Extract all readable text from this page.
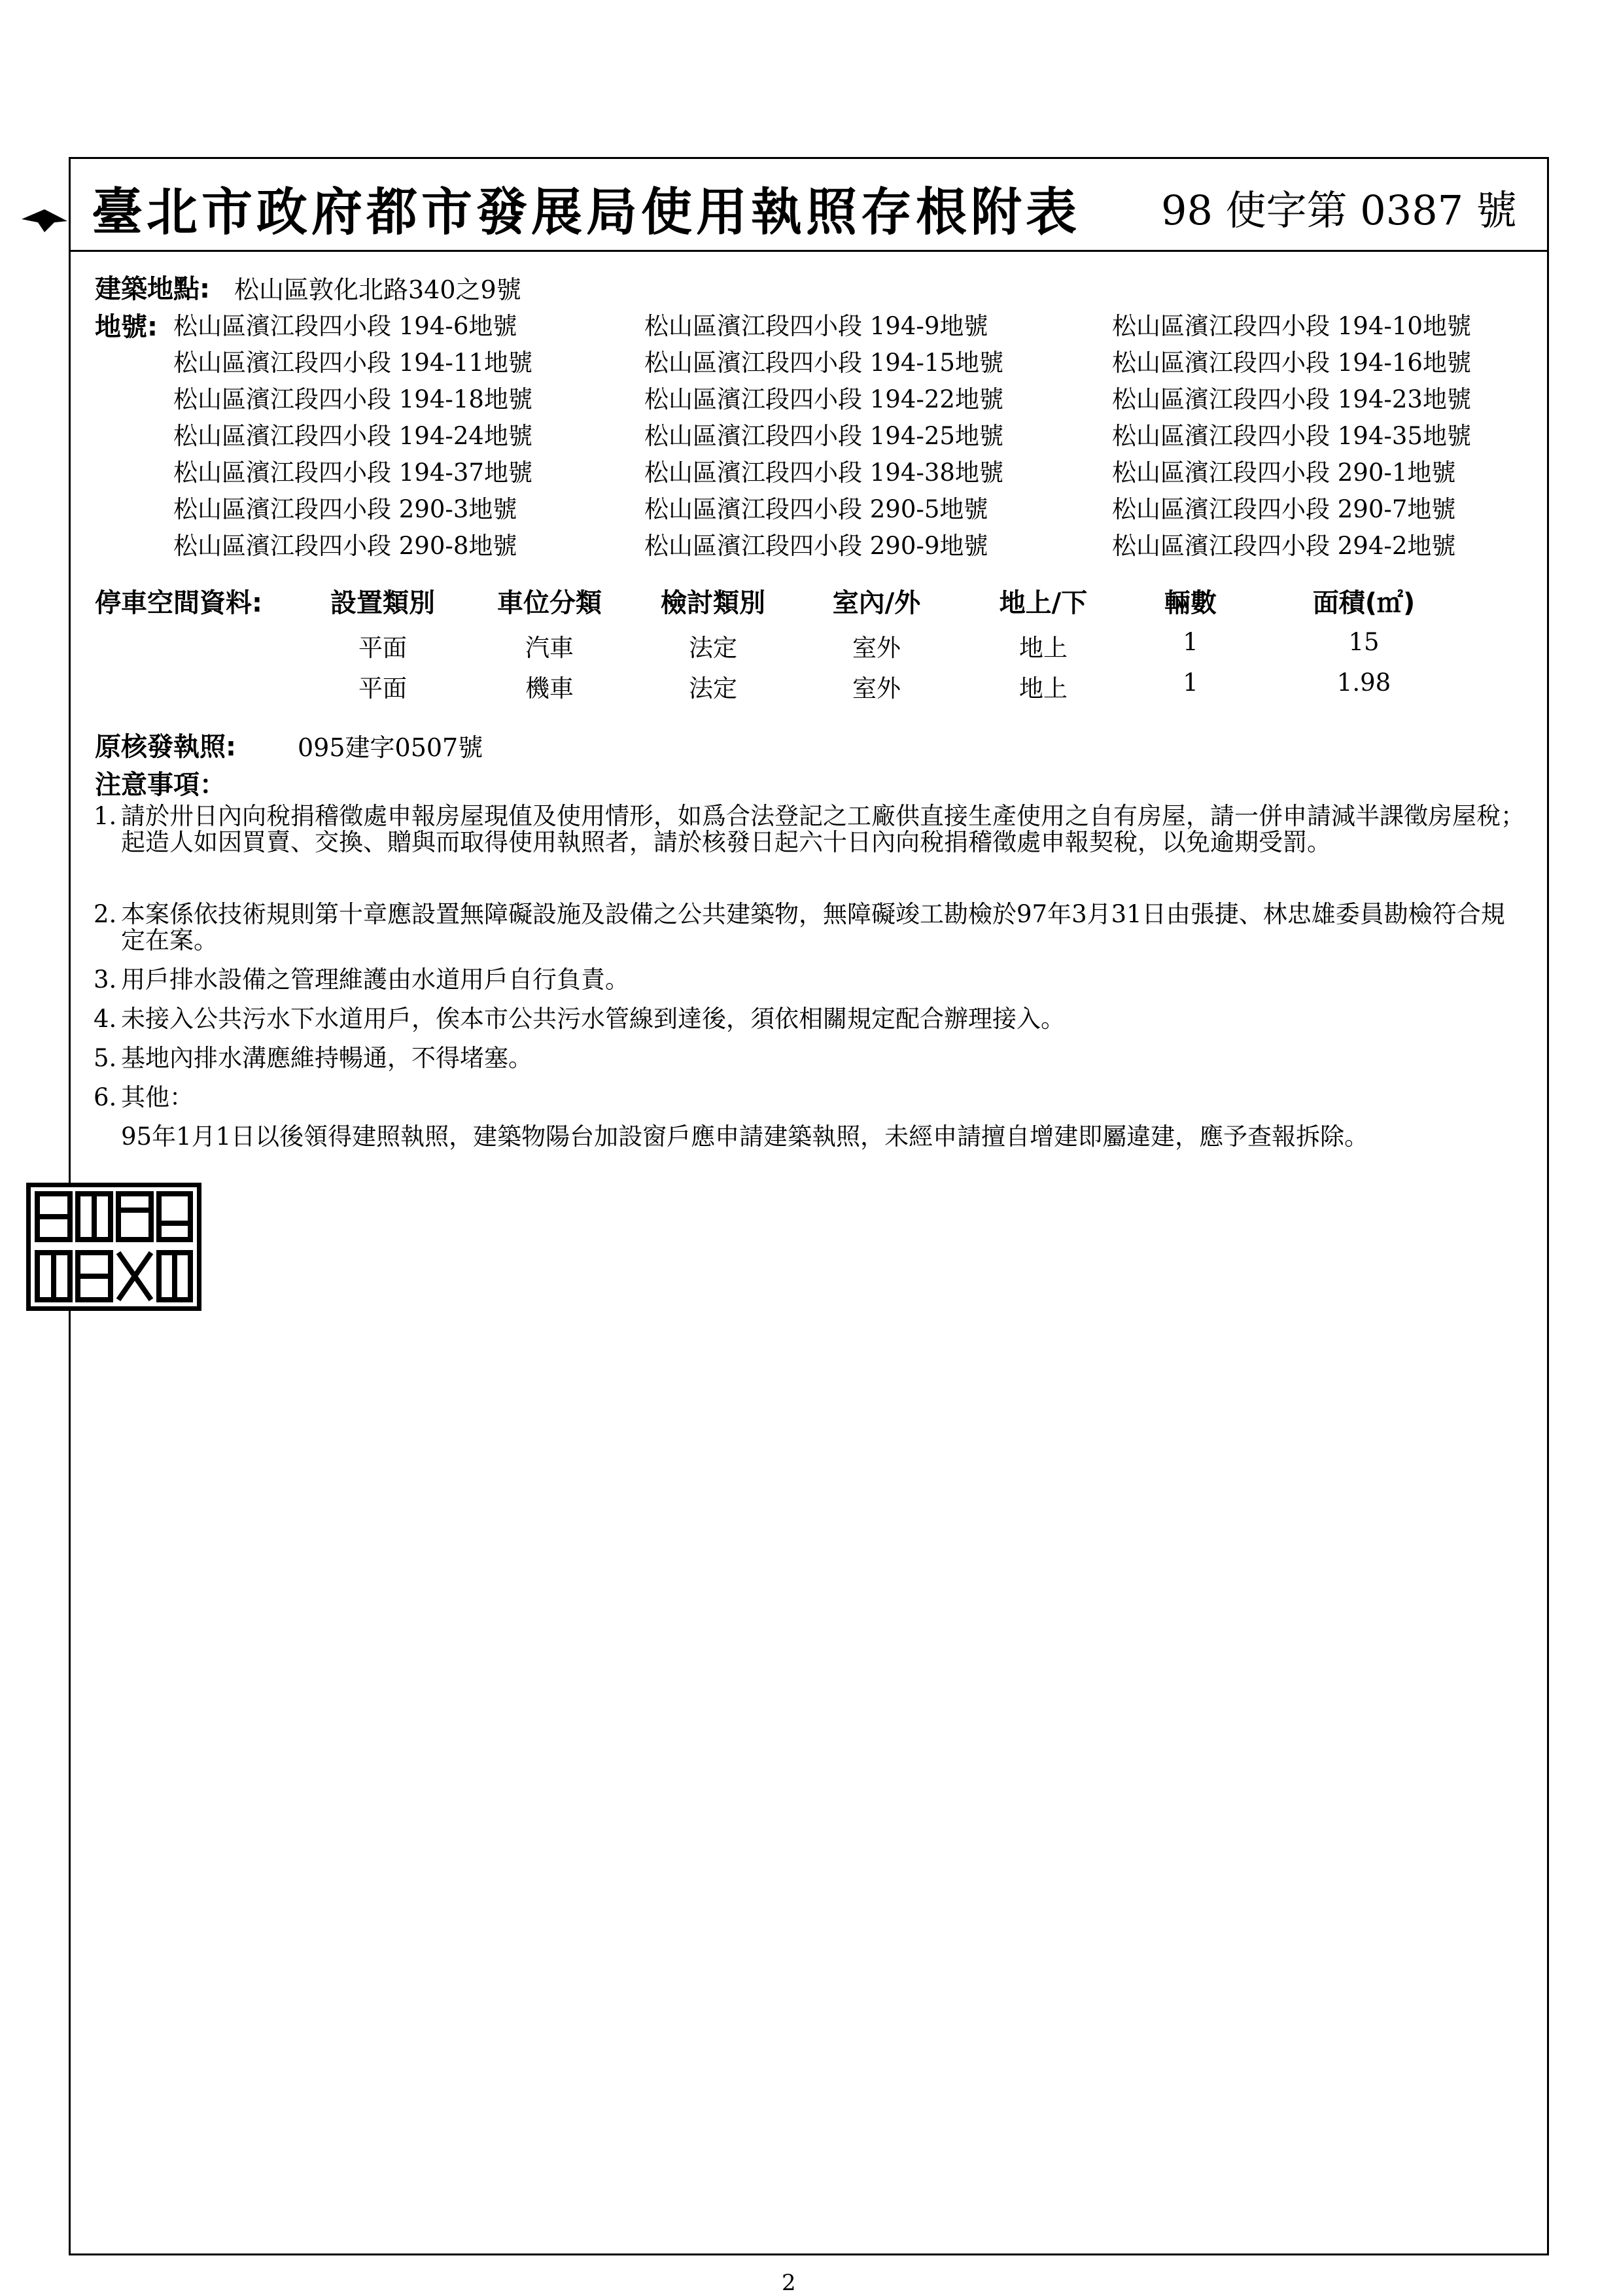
臺北市政府都市發展局使用執照存根附表 98 使字第 0387 號
建築地點: 松山區敦化北路340之9號
地號: 松山區濱江段四小段 194-6地號	松山區濱江段四小段 194-9地號	松山區濱江段四小段 194-10地號
松山區濱江段四小段 194-11地號	松山區濱江段四小段 194-15地號	松山區濱江段四小段 194-16地號
松山區濱江段四小段 194-18地號	松山區濱江段四小段 194-22地號	松山區濱江段四小段 194-23地號
松山區濱江段四小段 194-24地號	松山區濱江段四小段 194-25地號	松山區濱江段四小段 194-35地號
松山區濱江段四小段 194-37地號	松山區濱江段四小段 194-38地號	松山區濱江段四小段 290-1地號
松山區濱江段四小段 290-3地號	松山區濱江段四小段 290-5地號	松山區濱江段四小段 290-7地號
松山區濱江段四小段 290-8地號	松山區濱江段四小段 290-9地號	松山區濱江段四小段 294-2地號
停車空間資料:	設置類別	車位分類	檢討類別	室內/外	地上/下	輛數	面積(㎡)
平面	汽車	法定	室外	地上	1	15
平面	機車	法定	室外	地上	1	1.98
原核發執照: 095建字0507號
注意事項：
1. 請於卅日內向稅捐稽徵處申報房屋現值及使用情形，如爲合法登記之工廠供直接生產使用之自有房屋，請一併申請減半課徵房屋稅；起造人如因買賣、交換、贈與而取得使用執照者，請於核發日起六十日內向稅捐稽徵處申報契稅，以免逾期受罰。
2. 本案係依技術規則第十章應設置無障礙設施及設備之公共建築物，無障礙竣工勘檢於97年3月31日由張捷、林忠雄委員勘檢符合規定在案。
3. 用戶排水設備之管理維護由水道用戶自行負責。
4. 未接入公共污水下水道用戶，俟本市公共污水管線到達後，須依相關規定配合辦理接入。
5. 基地內排水溝應維持暢通，不得堵塞。
6. 其他：
95年1月1日以後領得建照執照，建築物陽台加設窗戶應申請建築執照，未經申請擅自增建即屬違建，應予查報拆除。
2
